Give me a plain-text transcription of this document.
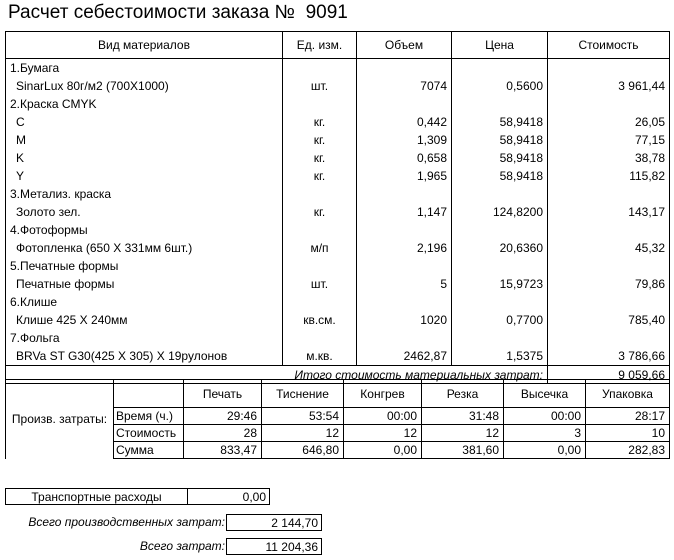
Расчет себестоимости заказа № 9091
Вид материалов	Ед. изм.	Объем	Цена	Стоимость
1.Бумага				
SinarLux 80г/м2 (700X1000)	шт.	7074	0,5600	3 961,44
2.Краска CMYK				
C	кг.	0,442	58,9418	26,05
M	кг.	1,309	58,9418	77,15
K	кг.	0,658	58,9418	38,78
Y	кг.	1,965	58,9418	115,82
3.Метализ. краска				
Золото зел.	кг.	1,147	124,8200	143,17
4.Фотоформы				
Фотопленка (650 X 331мм 6шт.)	м/п	2,196	20,6360	45,32
5.Печатные формы				
Печатные формы	шт.	5	15,9723	79,86
6.Клише				
Клише 425 X 240мм	кв.см.	1020	0,7700	785,40
7.Фольга				
BRVa ST G30(425 X 305) X 19рулонов	м.кв.	2462,87	1,5375	3 786,66
Итого стоимость материальных затрат:				9 059,66
Произв. затраты:		Печать	Тиснение	Конгрев	Резка	Высечка	Упаковка
	Время (ч.)	29:46	53:54	00:00	31:48	00:00	28:17
	Стоимость	28	12	12	12	3	10
	Сумма	833,47	646,80	0,00	381,60	0,00	282,83
Транспортные расходы	0,00
Всего производственных затрат:	2 144,70
Всего затрат:	11 204,36
